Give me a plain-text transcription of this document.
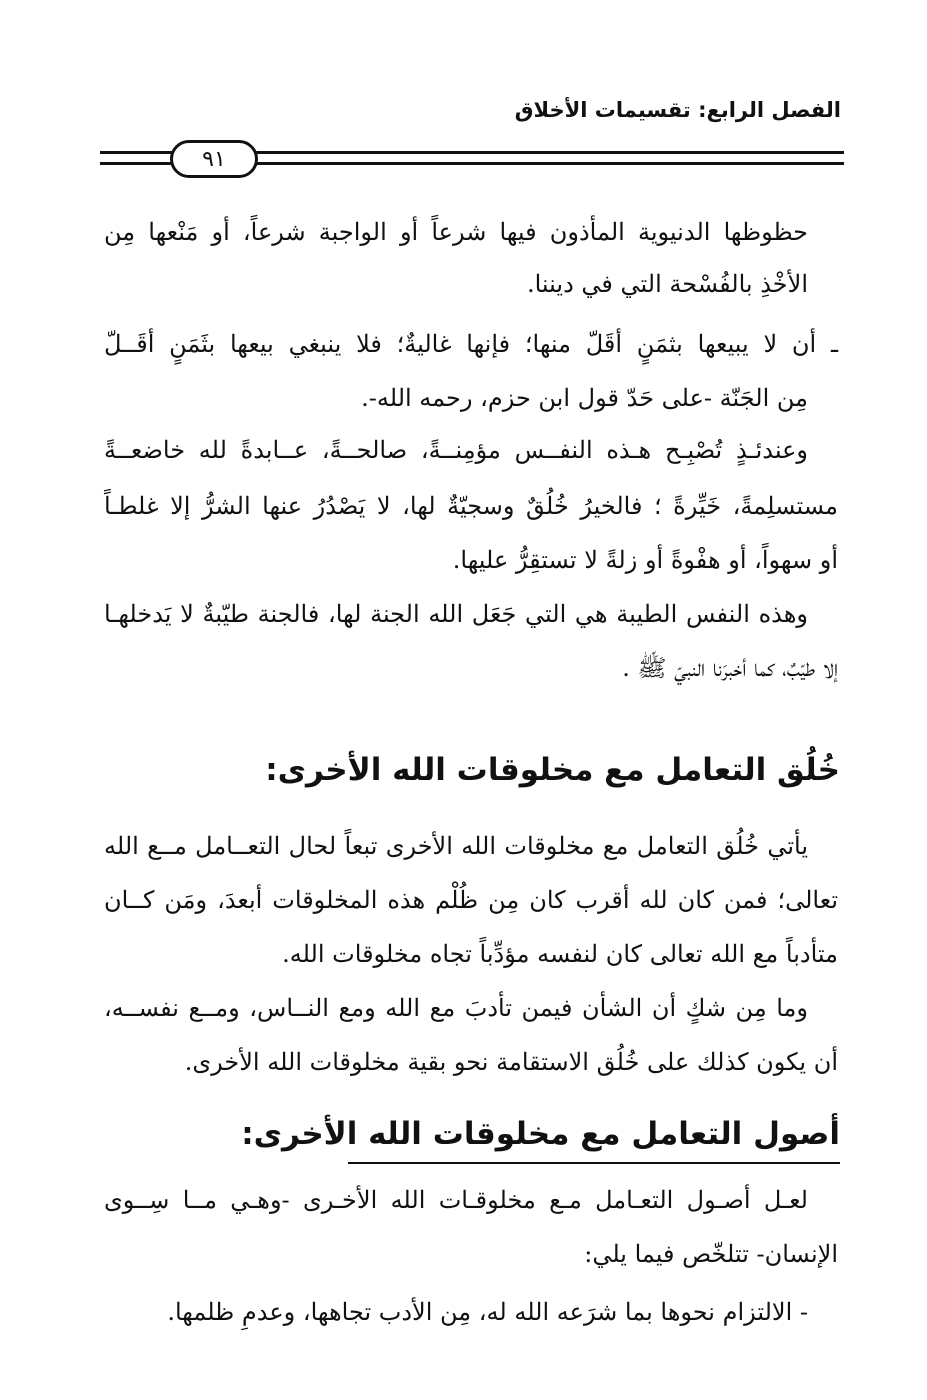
الفصل الرابع: تقسيمات الأخلاق
٩١
حظوظها الدنيوية المأذون فيها شرعاً أو الواجبة شرعاً، أو مَنْعها مِن
الأخْذِ بالفُسْحة التي في ديننا.
ـ أن لا يبيعها بثمَنٍ أقَلّ منها؛ فإنها غاليةٌ؛ فلا ينبغي بيعها بثَمَنٍ أقَــلّ
مِن الجَنّة -على حَدّ قول ابن حزم، رحمه الله-.
وعندئـذٍ تُصْبِـح هـذه النفــس مؤمِنــةً، صالحــةً، عــابدةً لله خاضعــةً
مستسلِمةً، خَيِّرةً ؛ فالخيرُ خُلُقٌ وسجيّةٌ لها، لا يَصْدُرُ عنها الشرُّ إلا غلطـاً
أو سهواً، أو هفْوةً أو زلةً لا تستقِرُّ عليها.
وهذه النفس الطيبة هي التي جَعَل الله الجنة لها، فالجنة طيّبةٌ لا يَدخلهـا
إلا طيّبٌ، كما أخبرَنا النبيّ ﷺ .
خُلُق التعامل مع مخلوقات الله الأخرى:
يأتي خُلُق التعامل مع مخلوقات الله الأخرى تبعاً لحال التعــامل مــع الله
تعالى؛ فمن كان لله أقرب كان مِن ظُلْم هذه المخلوقات أبعدَ، ومَن كــان
متأدباً مع الله تعالى كان لنفسه مؤدِّباً تجاه مخلوقات الله.
وما مِن شكٍ أن الشأن فيمن تأدبَ مع الله ومع النــاس، ومــع نفســه،
أن يكون كذلك على خُلُق الاستقامة نحو بقية مخلوقات الله الأخرى.
أصول التعامل مع مخلوقات الله الأخرى:
لعـل أصـول التعـامل مـع مخلوقـات الله الأخـرى -وهـي مــا سِــوى
الإنسان- تتلخّص فيما يلي:
- الالتزام نحوها بما شرَعه الله له، مِن الأدب تجاهها، وعدمِ ظلمها.
